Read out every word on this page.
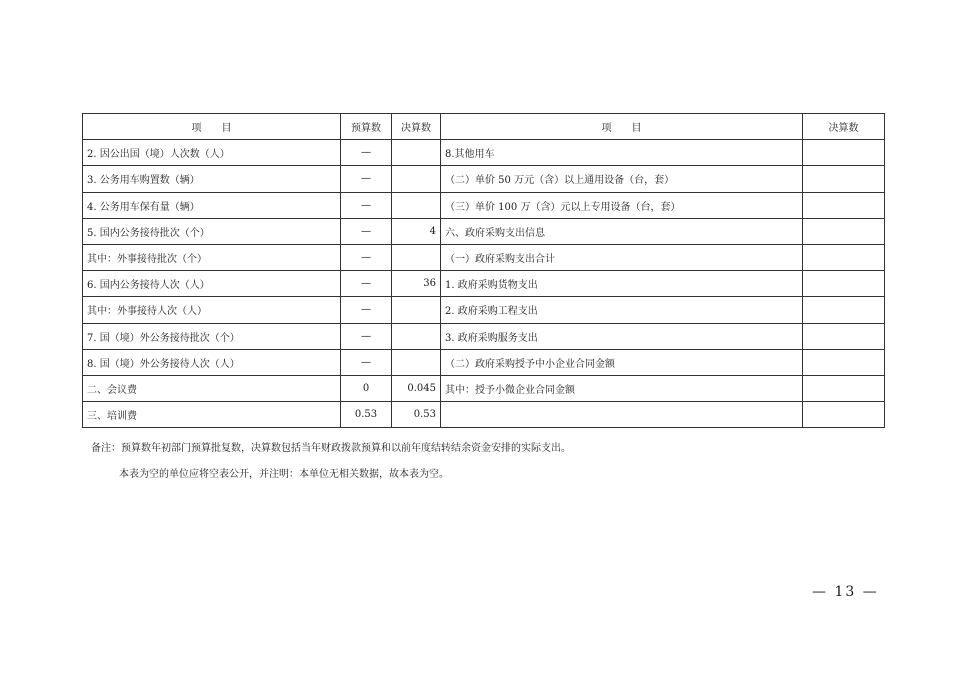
项　　目	预算数	决算数	项　　目	决算数
2. 因公出国（境）人次数（人）	—		8.其他用车	
3. 公务用车购置数（辆）	—		（二）单价 50 万元（含）以上通用设备（台，套）	
4. 公务用车保有量（辆）	—		（三）单价 100 万（含）元以上专用设备（台，套）	
5. 国内公务接待批次（个）	—	4	六、政府采购支出信息	
其中：外事接待批次（个）	—		（一）政府采购支出合计	
6. 国内公务接待人次（人）	—	36	1. 政府采购货物支出	
其中：外事接待人次（人）	—		2. 政府采购工程支出	
7. 国（境）外公务接待批次（个）	—		3. 政府采购服务支出	
8. 国（境）外公务接待人次（人）	—		（二）政府采购授予中小企业合同金额	
二、会议费	0	0.045	其中：授予小微企业合同金额	
三、培训费	0.53	0.53		
备注：预算数年初部门预算批复数，决算数包括当年财政拨款预算和以前年度结转结余资金安排的实际支出。
本表为空的单位应将空表公开，并注明：本单位无相关数据，故本表为空。
— 13 —
